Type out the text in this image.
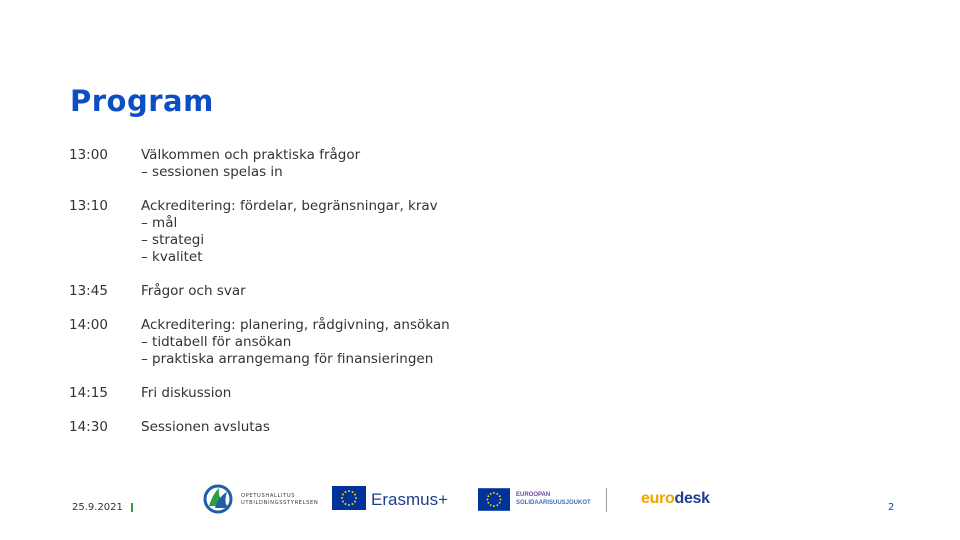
Program
13:00	Välkommen och praktiska frågor
– sessionen spelas in
13:10	Ackreditering: fördelar, begränsningar, krav
– mål
– strategi
– kvalitet
13:45	Frågor och svar
14:00	Ackreditering: planering, rådgivning, ansökan
– tidtabell för ansökan
– praktiska arrangemang för finansieringen
14:15	Fri diskussion
14:30	Sessionen avslutas
25.9.2021
OPETUSHALLITUS
UTBILDNINGSSTYRELSEN	Erasmus+	EUROOPAN
SOLIDAARISUUSJOUKOT	eurodesk
2
